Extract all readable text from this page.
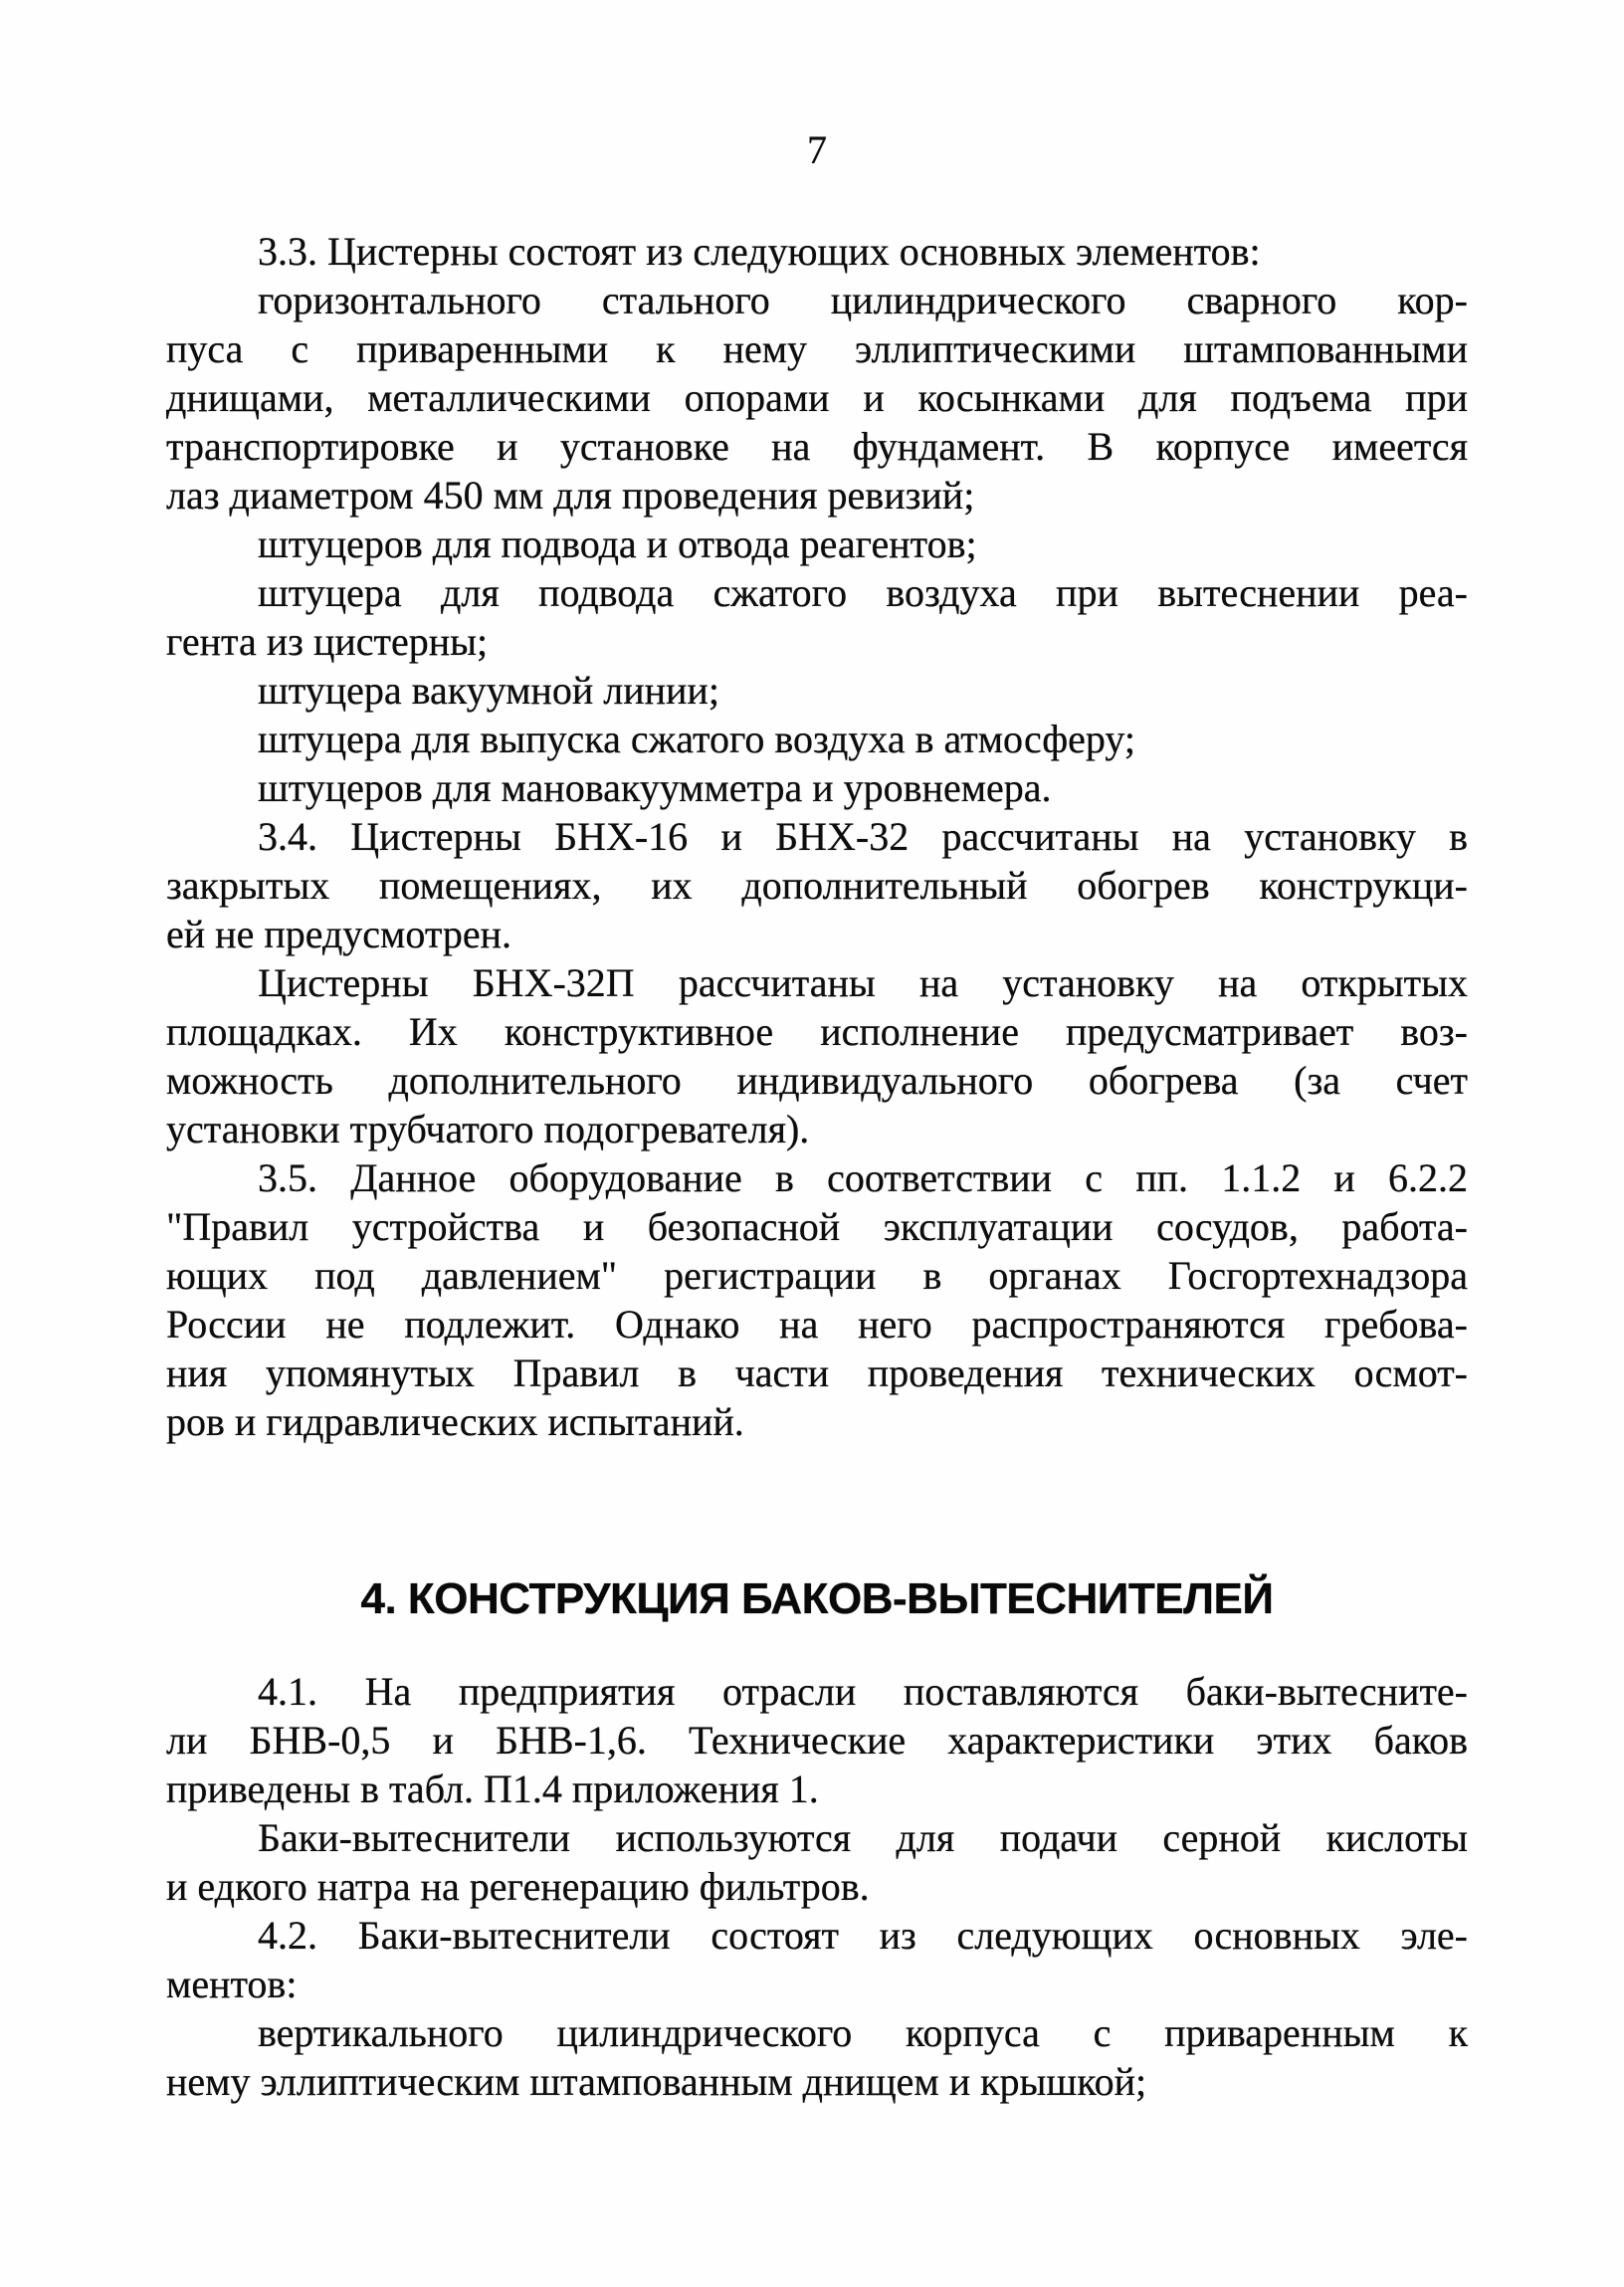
7
3.3. Цистерны состоят из следующих основных элементов:
горизонтального стального цилиндрического сварного кор-
пуса с приваренными к нему эллиптическими штампованными
днищами, металлическими опорами и косынками для подъема при
транспортировке и установке на фундамент. В корпусе имеется
лаз диаметром 450 мм для проведения ревизий;
штуцеров для подвода и отвода реагентов;
штуцера для подвода сжатого воздуха при вытеснении реа-
гента из цистерны;
штуцера вакуумной линии;
штуцера для выпуска сжатого воздуха в атмосферу;
штуцеров для мановакуумметра и уровнемера.
3.4. Цистерны БНХ-16 и БНХ-32 рассчитаны на установку в
закрытых помещениях, их дополнительный обогрев конструкци-
ей не предусмотрен.
Цистерны БНХ-32П рассчитаны на установку на открытых
площадках. Их конструктивное исполнение предусматривает воз-
можность дополнительного индивидуального обогрева (за счет
установки трубчатого подогревателя).
3.5. Данное оборудование в соответствии с пп. 1.1.2 и 6.2.2
"Правил устройства и безопасной эксплуатации сосудов, работа-
ющих под давлением" регистрации в органах Госгортехнадзора
России не подлежит. Однако на него распространяются гребова-
ния упомянутых Правил в части проведения технических осмот-
ров и гидравлических испытаний.
4. КОНСТРУКЦИЯ БАКОВ-ВЫТЕСНИТЕЛЕЙ
4.1. На предприятия отрасли поставляются баки-вытесните-
ли БНВ-0,5 и БНВ-1,6. Технические характеристики этих баков
приведены в табл. П1.4 приложения 1.
Баки-вытеснители используются для подачи серной кислоты
и едкого натра на регенерацию фильтров.
4.2. Баки-вытеснители состоят из следующих основных эле-
ментов:
вертикального цилиндрического корпуса с приваренным к
нему эллиптическим штампованным днищем и крышкой;
